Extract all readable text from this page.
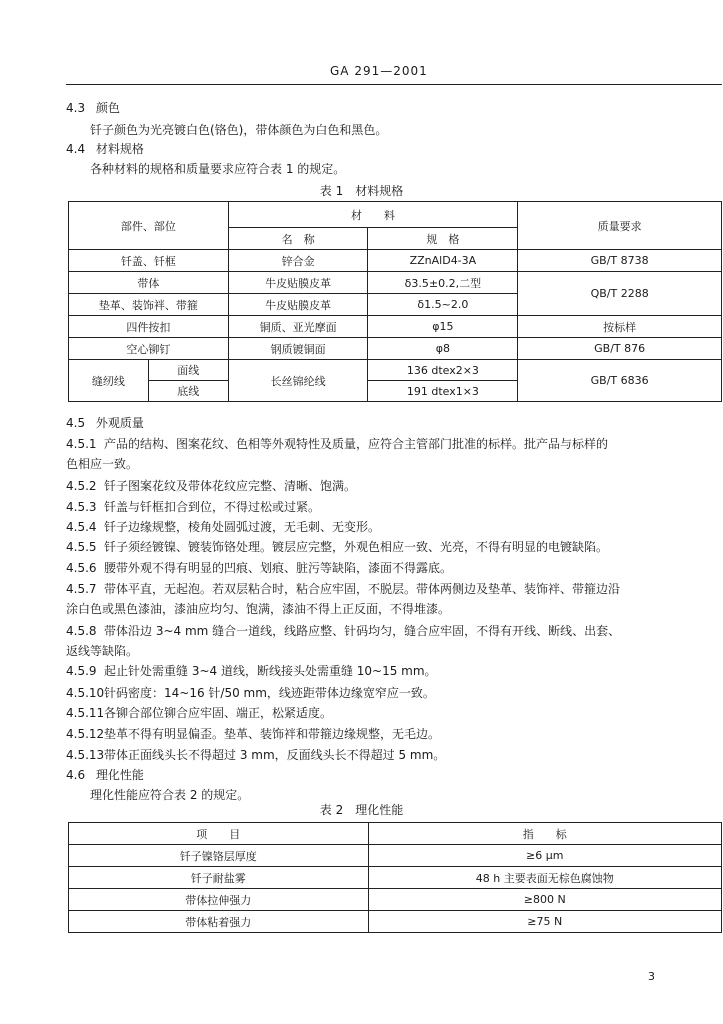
GA 291—2001
4.3 颜色
钎子颜色为光亮镀白色(铬色)，带体颜色为白色和黑色。
4.4 材料规格
各种材料的规格和质量要求应符合表 1 的规定。
表 1　材料规格
部件、部位		材　　料		质量要求
		名　称	规　格	
钎盖、钎框		锌合金	ZZnAlD4-3A	GB/T 8738
带体		牛皮贴膜皮革	δ3.5±0.2,二型	QB/T 2288
垫革、装饰袢、带箍		牛皮贴膜皮革	δ1.5~2.0	
四件按扣		铜质、亚光摩面	φ15	按标样
空心铆钉		钢质镀铜面	φ8	GB/T 876
缝纫线	面线	长丝锦纶线	136 dtex2×3	GB/T 6836
	底线		191 dtex1×3	
4.5 外观质量
4.5.1 产品的结构、图案花纹、色相等外观特性及质量，应符合主管部门批准的标样。批产品与标样的
色相应一致。
4.5.2 钎子图案花纹及带体花纹应完整、清晰、饱满。
4.5.3 钎盖与钎框扣合到位，不得过松或过紧。
4.5.4 钎子边缘规整，棱角处圆弧过渡，无毛刺、无变形。
4.5.5 钎子须经镀镍、镀装饰铬处理。镀层应完整，外观色相应一致、光亮，不得有明显的电镀缺陷。
4.5.6 腰带外观不得有明显的凹痕、划痕、脏污等缺陷，漆面不得露底。
4.5.7 带体平直，无起泡。若双层粘合时，粘合应牢固，不脱层。带体两侧边及垫革、装饰袢、带箍边沿
涂白色或黑色漆油，漆油应均匀、饱满，漆油不得上正反面，不得堆漆。
4.5.8 带体沿边 3~4 mm 缝合一道线，线路应整、针码均匀，缝合应牢固，不得有开线、断线、出套、
返线等缺陷。
4.5.9 起止针处需重缝 3~4 道线，断线接头处需重缝 10~15 mm。
4.5.10针码密度：14~16 针/50 mm，线迹距带体边缘宽窄应一致。
4.5.11各铆合部位铆合应牢固、端正，松紧适度。
4.5.12垫革不得有明显偏歪。垫革、装饰袢和带箍边缘规整，无毛边。
4.5.13带体正面线头长不得超过 3 mm，反面线头长不得超过 5 mm。
4.6 理化性能
理化性能应符合表 2 的规定。
表 2　理化性能
项　　目	指　　标
钎子镍铬层厚度	≥6 μm
钎子耐盐雾	48 h 主要表面无棕色腐蚀物
带体拉伸强力	≥800 N
带体粘着强力	≥75 N
3
